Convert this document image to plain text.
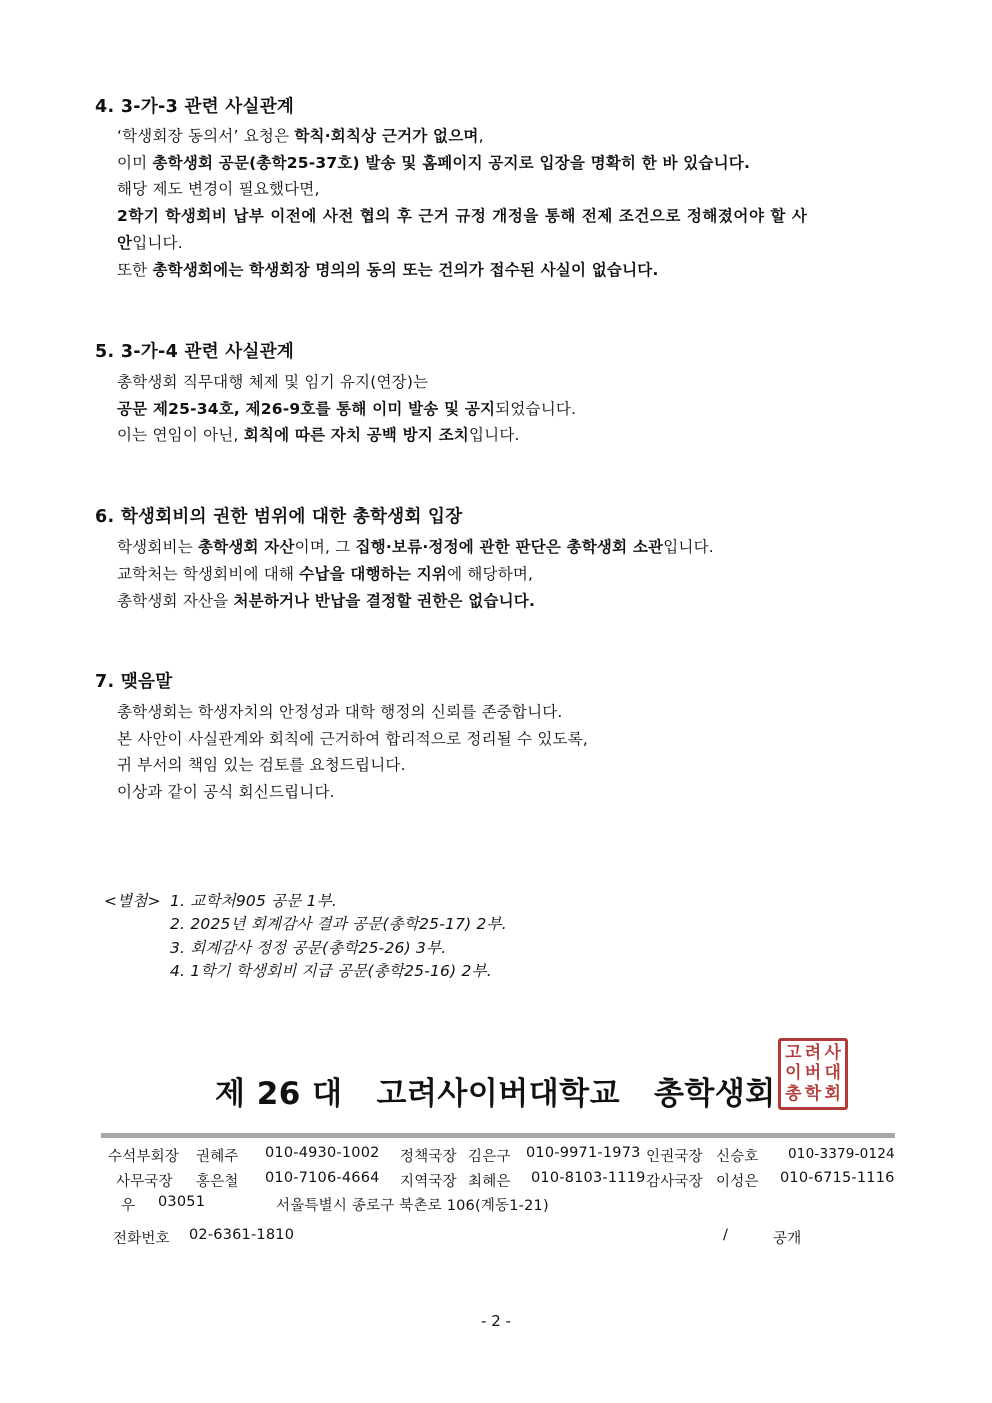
4. 3-가-3 관련 사실관계
‘학생회장 동의서’ 요청은 학칙·회칙상 근거가 없으며,
이미 총학생회 공문(총학25-37호) 발송 및 홈페이지 공지로 입장을 명확히 한 바 있습니다.
해당 제도 변경이 필요했다면,
2학기 학생회비 납부 이전에 사전 협의 후 근거 규정 개정을 통해 전제 조건으로 정해졌어야 할 사
안입니다.
또한 총학생회에는 학생회장 명의의 동의 또는 건의가 접수된 사실이 없습니다.
5. 3-가-4 관련 사실관계
총학생회 직무대행 체제 및 임기 유지(연장)는
공문 제25-34호, 제26-9호를 통해 이미 발송 및 공지되었습니다.
이는 연임이 아닌, 회칙에 따른 자치 공백 방지 조치입니다.
6. 학생회비의 권한 범위에 대한 총학생회 입장
학생회비는 총학생회 자산이며, 그 집행·보류·정정에 관한 판단은 총학생회 소관입니다.
교학처는 학생회비에 대해 수납을 대행하는 지위에 해당하며,
총학생회 자산을 처분하거나 반납을 결정할 권한은 없습니다.
7. 맺음말
총학생회는 학생자치의 안정성과 대학 행정의 신뢰를 존중합니다.
본 사안이 사실관계와 회칙에 근거하여 합리적으로 정리될 수 있도록,
귀 부서의 책임 있는 검토를 요청드립니다.
이상과 같이 공식 회신드립니다.
<별첨> 1. 교학처905 공문 1부.
2. 2025년 회계감사 결과 공문(총학25-17) 2부.
3. 회계감사 정정 공문(총학25-26) 3부.
4. 1학기 학생회비 지급 공문(총학25-16) 2부.
제 26 대   고려사이버대학교   총학생회
고 려 사
이 버 대
총 학 회
수석부회장 권혜주 010-4930-1002 정책국장 김은구 010-9971-1973 인권국장 신승호 010-3379-0124
사무국장 홍은철 010-7106-4664 지역국장 최혜은 010-8103-1119 감사국장 이성은 010-6715-1116
우 03051	서울특별시 종로구 북촌로 106(계동1-21)
전화번호 02-6361-1810	/	공개
- 2 -
